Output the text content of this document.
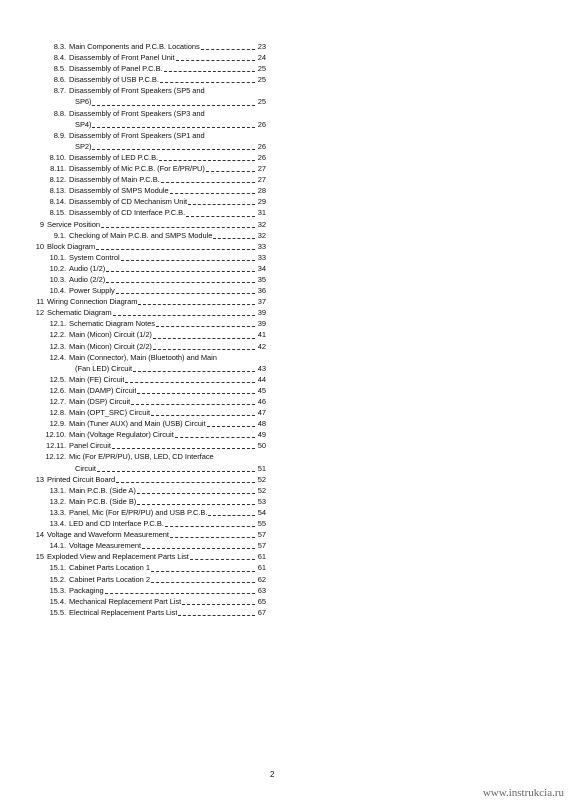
8.3. Main Components and P.C.B. Locations	23
8.4. Disassembly of Front Panel Unit	24
8.5. Disassembly of Panel P.C.B.	25
8.6. Disassembly of USB P.C.B.	25
8.7. Disassembly of Front Speakers (SP5 and
SP6)	25
8.8. Disassembly of Front Speakers (SP3 and
SP4)	26
8.9. Disassembly of Front Speakers (SP1 and
SP2)	26
8.10. Disassembly of LED P.C.B.	26
8.11. Disassembly of Mic P.C.B. (For E/PR/PU)	27
8.12. Disassembly of Main P.C.B.	27
8.13. Disassembly of SMPS Module	28
8.14. Disassembly of CD Mechanism Unit	29
8.15. Disassembly of CD Interface P.C.B.	31
9 Service Position	32
9.1. Checking of Main P.C.B. and SMPS Module	32
10 Block Diagram	33
10.1. System Control	33
10.2. Audio (1/2)	34
10.3. Audio (2/2)	35
10.4. Power Supply	36
11 Wiring Connection Diagram	37
12 Schematic Diagram	39
12.1. Schematic Diagram Notes	39
12.2. Main (Micon) Circuit (1/2)	41
12.3. Main (Micon) Circuit (2/2)	42
12.4. Main (Connector), Main (Bluetooth) and Main
(Fan LED) Circuit	43
12.5. Main (FE) Circuit	44
12.6. Main (DAMP) Circuit	45
12.7. Main (DSP) Circuit	46
12.8. Main (OPT_SRC) Circuit	47
12.9. Main (Tuner AUX) and Main (USB) Circuit	48
12.10. Main (Voltage Regulator) Circuit	49
12.11. Panel Circuit	50
12.12. Mic (For E/PR/PU), USB, LED, CD Interface
Circuit	51
13 Printed Circuit Board	52
13.1. Main P.C.B. (Side A)	52
13.2. Main P.C.B. (Side B)	53
13.3. Panel, Mic (For E/PR/PU) and USB P.C.B.	54
13.4. LED and CD Interface P.C.B.	55
14 Voltage and Waveform Measurement	57
14.1. Voltage Measurement	57
15 Exploded View and Replacement Parts List	61
15.1. Cabinet Parts Location 1	61
15.2. Cabinet Parts Location 2	62
15.3. Packaging	63
15.4. Mechanical Replacement Part List	65
15.5. Electrical Replacement Parts List	67
2
www.instrukcia.ru
